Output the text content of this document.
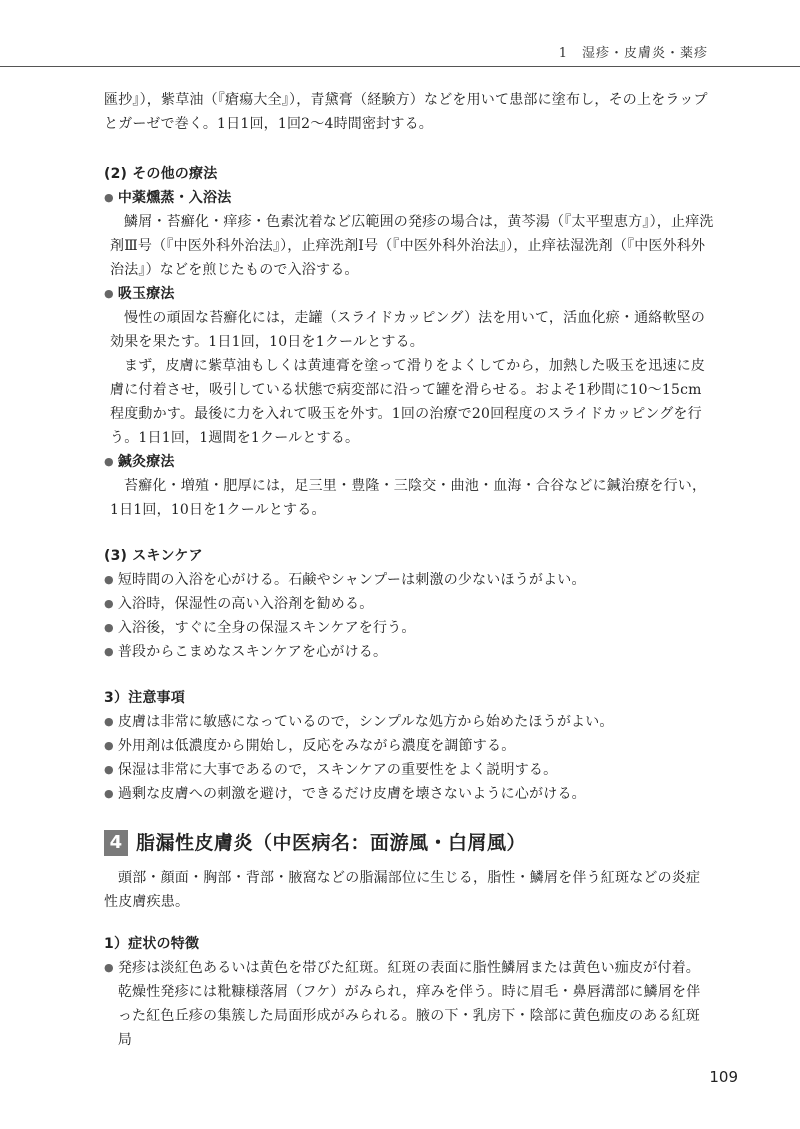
1　湿疹・皮膚炎・薬疹

匯抄』），紫草油（『瘡瘍大全』），青黛膏（経験方）などを用いて患部に塗布し，その上をラップとガーゼで巻く。1日1回，1回2～4時間密封する。

(2) その他の療法
● 中薬燻蒸・入浴法

鱗屑・苔癬化・痒疹・色素沈着など広範囲の発疹の場合は，黄芩湯（『太平聖恵方』），止痒洗剤Ⅲ号（『中医外科外治法』），止痒洗剤Ⅰ号（『中医外科外治法』），止痒祛湿洗剤（『中医外科外治法』）などを煎じたもので入浴する。

● 吸玉療法

慢性の頑固な苔癬化には，走罐（スライドカッピング）法を用いて，活血化瘀・通絡軟堅の効果を果たす。1日1回，10日を1クールとする。

まず，皮膚に紫草油もしくは黄連膏を塗って滑りをよくしてから，加熱した吸玉を迅速に皮膚に付着させ，吸引している状態で病変部に沿って罐を滑らせる。およそ1秒間に10～15cm程度動かす。最後に力を入れて吸玉を外す。1回の治療で20回程度のスライドカッピングを行う。1日1回，1週間を1クールとする。

● 鍼灸療法

苔癬化・増殖・肥厚には，足三里・豊隆・三陰交・曲池・血海・合谷などに鍼治療を行い，1日1回，10日を1クールとする。

(3) スキンケア
● 短時間の入浴を心がける。石鹸やシャンプーは刺激の少ないほうがよい。
● 入浴時，保湿性の高い入浴剤を勧める。
● 入浴後，すぐに全身の保湿スキンケアを行う。
● 普段からこまめなスキンケアを心がける。
3）注意事項
● 皮膚は非常に敏感になっているので，シンプルな処方から始めたほうがよい。
● 外用剤は低濃度から開始し，反応をみながら濃度を調節する。
● 保湿は非常に大事であるので，スキンケアの重要性をよく説明する。
● 過剰な皮膚への刺激を避け，できるだけ皮膚を壊さないように心がける。
4 脂漏性皮膚炎（中医病名：面游風・白屑風）

頭部・顔面・胸部・背部・腋窩などの脂漏部位に生じる，脂性・鱗屑を伴う紅斑などの炎症性皮膚疾患。

1）症状の特徴
● 発疹は淡紅色あるいは黄色を帯びた紅斑。紅斑の表面に脂性鱗屑または黄色い痂皮が付着。乾燥性発疹には粃糠様落屑（フケ）がみられ，痒みを伴う。時に眉毛・鼻唇溝部に鱗屑を伴った紅色丘疹の集簇した局面形成がみられる。腋の下・乳房下・陰部に黄色痂皮のある紅斑局
109
